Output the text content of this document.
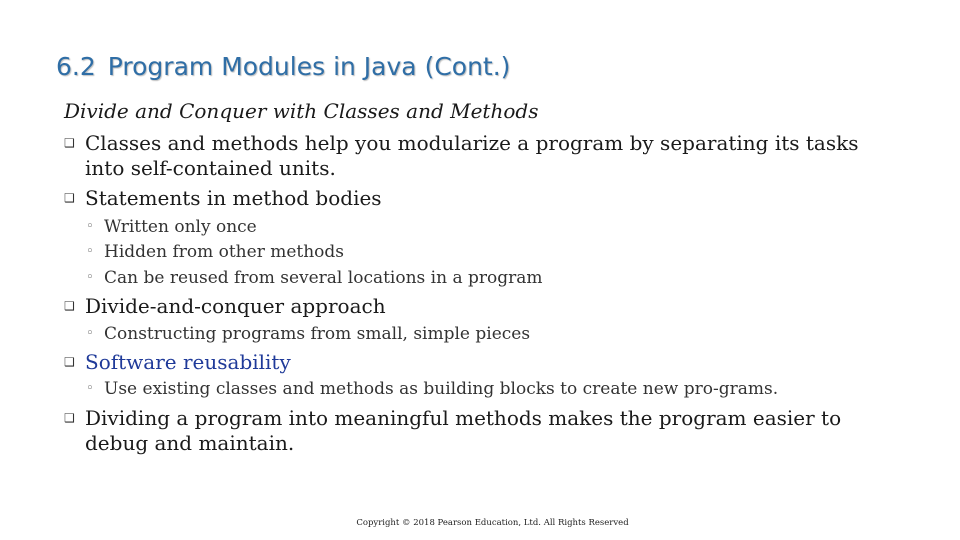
6.2 Program Modules in Java (Cont.)
Divide and Conquer with Classes and Methods
❑ Classes and methods help you modularize a program by separating its tasks into self-contained units.
❑ Statements in method bodies
◦ Written only once
◦ Hidden from other methods
◦ Can be reused from several locations in a program
❑ Divide-and-conquer approach
◦ Constructing programs from small, simple pieces
❑ Software reusability
◦ Use existing classes and methods as building blocks to create new pro-grams.
❑ Dividing a program into meaningful methods makes the program easier to debug and maintain.
Copyright © 2018 Pearson Education, Ltd. All Rights Reserved
